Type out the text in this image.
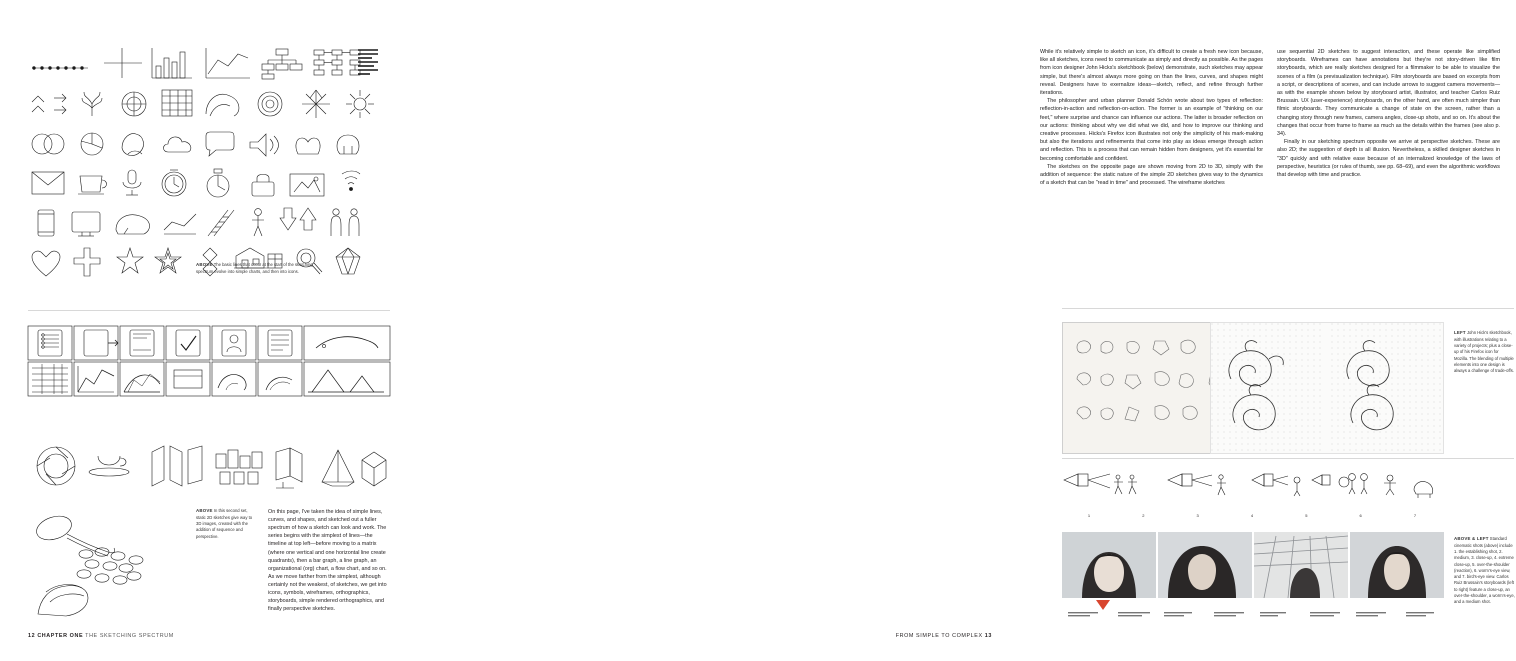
ABOVE The basic lines that occur at the start of the sketching spectrum evolve into simple charts, and then into icons.
ABOVE In this second set, static 2D sketches give way to 3D images, created with the addition of sequence and perspective.
On this page, I've taken the idea of simple lines, curves, and shapes, and sketched out a fuller spectrum of how a sketch can look and work. The series begins with the simplest of lines—the timeline at top left—before moving to a matrix (where one vertical and one horizontal line create quadrants), then a bar graph, a line graph, an organizational (org) chart, a flow chart, and so on. As we move farther from the simplest, although certainly not the weakest, of sketches, we get into icons, symbols, wireframes, orthographics, storyboards, simple rendered orthographics, and finally perspective sketches.
12 CHAPTER ONE THE SKETCHING SPECTRUM

While it's relatively simple to sketch an icon, it's difficult to create a fresh new icon because, like all sketches, icons need to communicate as simply and directly as possible. As the pages from icon designer John Hicks's sketchbook (below) demonstrate, such sketches may appear simple, but there's almost always more going on than the lines, curves, and shapes might reveal. Designers have to exernalize ideas—sketch, reflect, and refine through further iterations.

The philosopher and urban planner Donald Schön wrote about two types of reflection: reflection-in-action and reflection-on-action. The former is an example of "thinking on our feet," where surprise and chance can influence our actions. The latter is broader reflection on our actions: thinking about why we did what we did, and how to improve our thinking and creative processes. Hicks's Firefox icon illustrates not only the simplicity of his mark-making but also the iterations and refinements that come into play as ideas emerge through action and reflection. This is a process that can remain hidden from designers, yet it's essential for becoming comfortable and confident.

The sketches on the opposite page are shown moving from 2D to 3D, simply with the addition of sequence: the static nature of the simple 2D sketches gives way to the dynamics of a sketch that can be "read in time" and processed. The wireframe sketches

use sequential 2D sketches to suggest interaction, and these operate like simplified storyboards. Wireframes can have annotations but they're not story-driven like film storyboards, which are really sketches designed for a filmmaker to be able to visualize the scenes of a film (a previsualization technique). Film storyboards are based on excerpts from a script, or descriptions of scenes, and can include arrows to suggest camera movements—as with the example shown below by storyboard artist, illustrator, and teacher Carlos Ruiz Brussain. UX (user-experience) storyboards, on the other hand, are often much simpler than filmic storyboards. They communicate a change of state on the screen, rather than a changing story through new frames, camera angles, close-up shots, and so on. It's about the changes that occur from frame to frame as much as the details within the frames (see also p. 34).

Finally in our sketching spectrum opposite we arrive at perspective sketches. These are also 2D; the suggestion of depth is all illusion. Nevertheless, a skilled designer sketches in "3D" quickly and with relative ease because of an internalized knowledge of the laws of perspective, heuristics (or rules of thumb, see pp. 68–69), and even the algorithmic workflows that develop with time and practice.

LEFT John Hick's sketchbook, with illustrations relating to a variety of projects; plus a close-up of his Firefox icon for Mozilla. The blending of multiple elements into one design is always a challenge of trade-offs.
1	2	3	4	5	6	7
ABOVE & LEFT Standard cinematic shots (above) include 1. the establishing shot, 2. medium, 3. close-up, 4. extreme close-up, 5. over-the-shoulder (reaction), 6. worm's-eye view, and 7. bird's-eye view. Carlos Ruiz Brussain's storyboards (left to right) feature a close-up, an over-the-shoulder, a worm's-eye, and a medium shot.
FROM SIMPLE TO COMPLEX 13
